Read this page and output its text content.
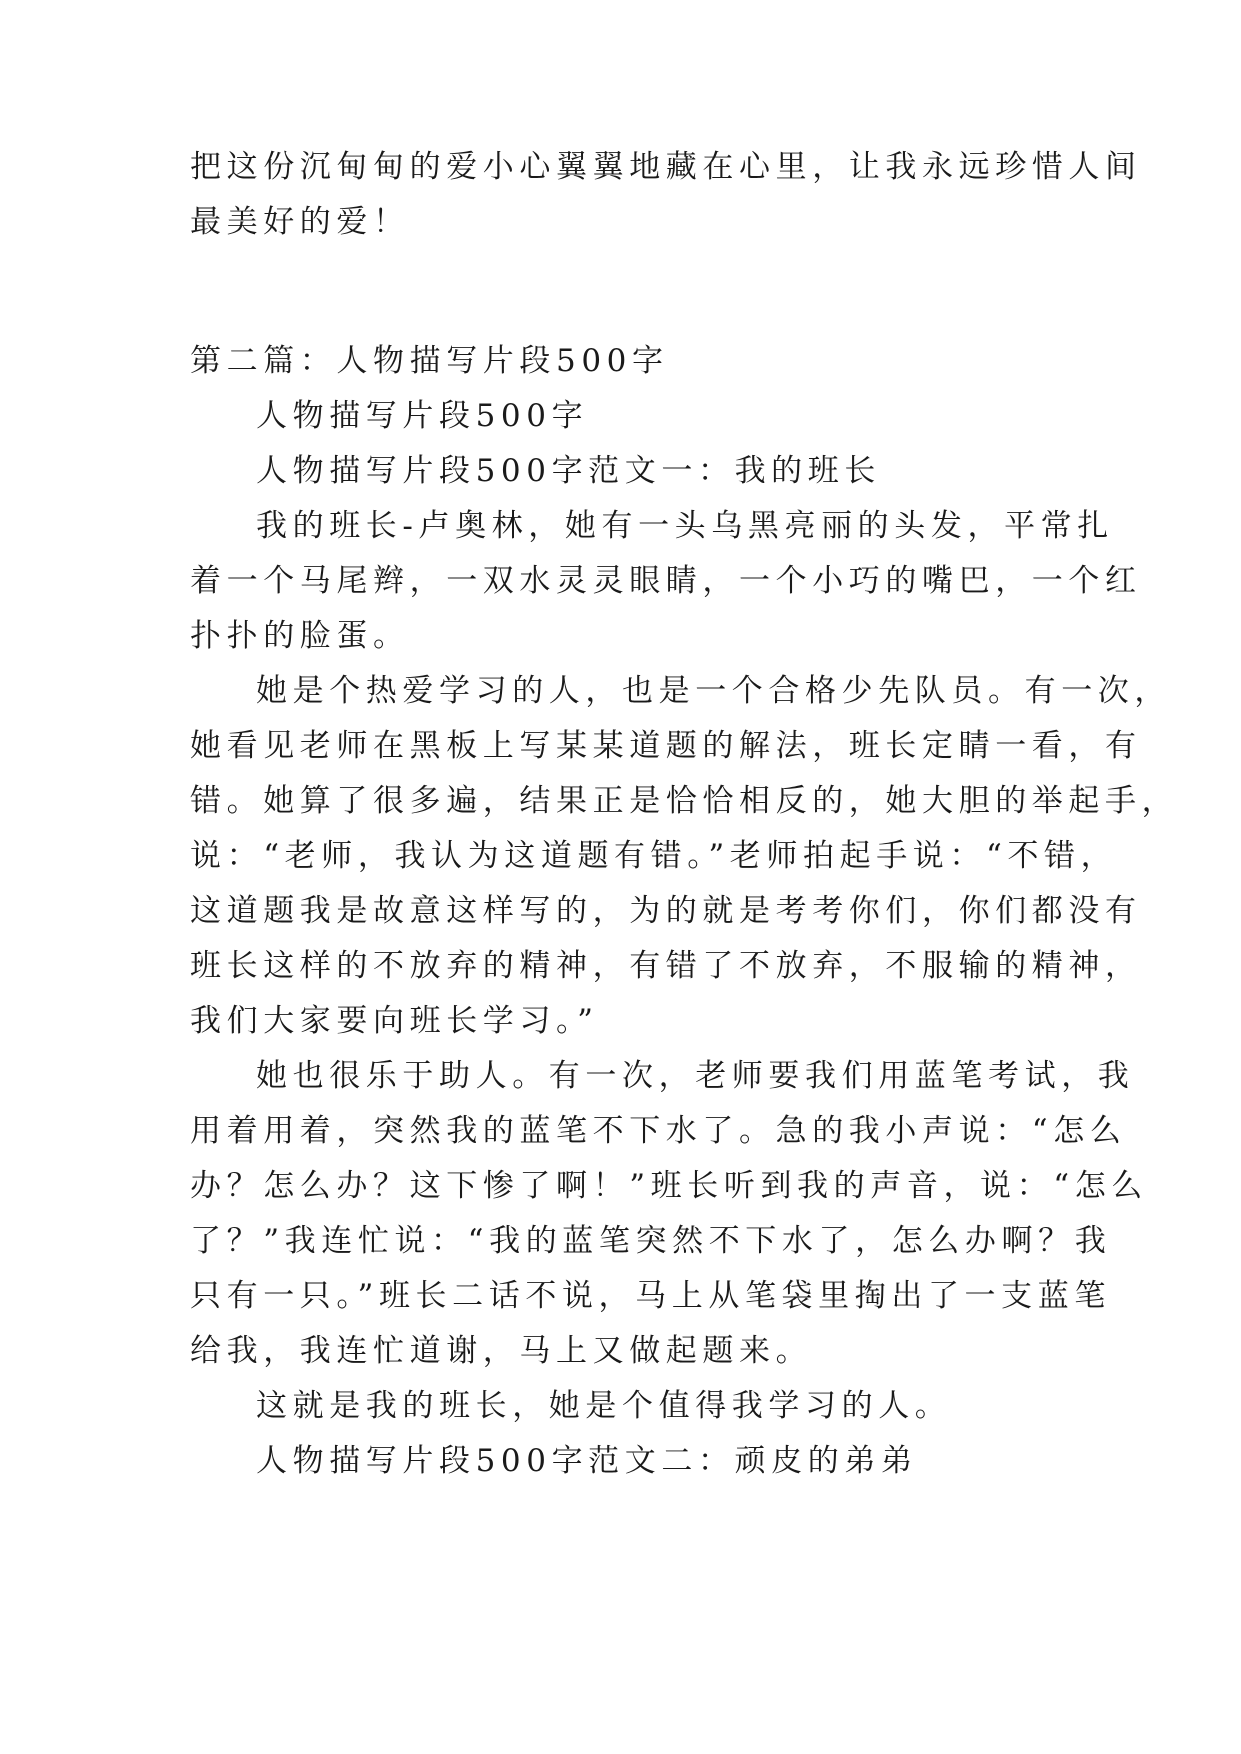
把这份沉甸甸的爱小心翼翼地藏在心里，让我永远珍惜人间
最美好的爱！
第二篇：人物描写片段500字
人物描写片段500字
人物描写片段500字范文一：我的班长
我的班长-卢奥林，她有一头乌黑亮丽的头发，平常扎
着一个马尾辫，一双水灵灵眼睛，一个小巧的嘴巴，一个红
扑扑的脸蛋。
她是个热爱学习的人，也是一个合格少先队员。有一次，
她看见老师在黑板上写某某道题的解法，班长定睛一看，有
错。她算了很多遍，结果正是恰恰相反的，她大胆的举起手，
说：“老师，我认为这道题有错。”老师拍起手说：“不错，
这道题我是故意这样写的，为的就是考考你们，你们都没有
班长这样的不放弃的精神，有错了不放弃，不服输的精神，
我们大家要向班长学习。”
她也很乐于助人。有一次，老师要我们用蓝笔考试，我
用着用着，突然我的蓝笔不下水了。急的我小声说：“怎么
办？怎么办？这下惨了啊！”班长听到我的声音，说：“怎么
了？”我连忙说：“我的蓝笔突然不下水了，怎么办啊？我
只有一只。”班长二话不说，马上从笔袋里掏出了一支蓝笔
给我，我连忙道谢，马上又做起题来。
这就是我的班长，她是个值得我学习的人。
人物描写片段500字范文二：顽皮的弟弟
